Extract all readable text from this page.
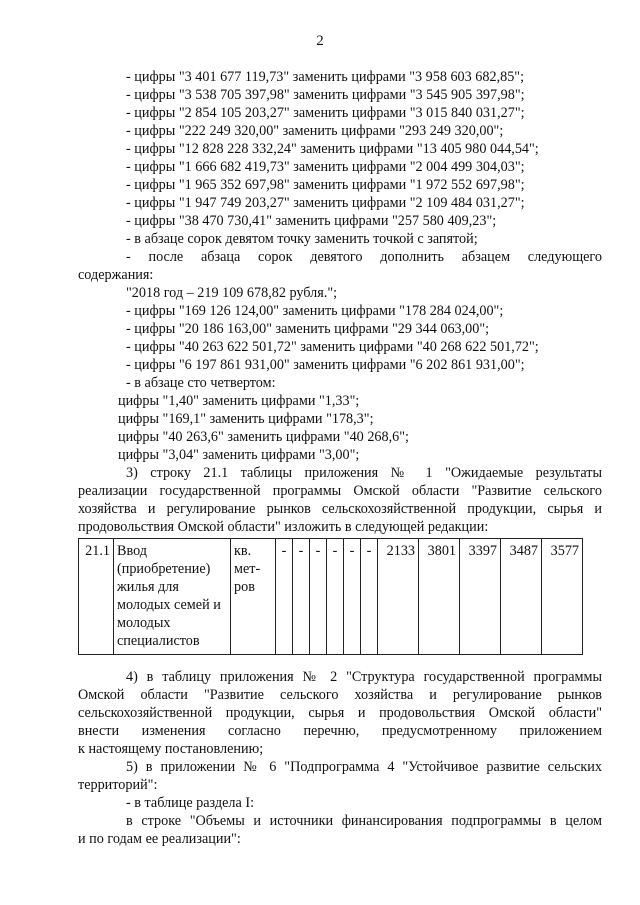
2
- цифры "3 401 677 119,73" заменить цифрами "3 958 603 682,85";
- цифры "3 538 705 397,98" заменить цифрами "3 545 905 397,98";
- цифры "2 854 105 203,27" заменить цифрами "3 015 840 031,27";
- цифры "222 249 320,00" заменить цифрами "293 249 320,00";
- цифры "12 828 228 332,24" заменить цифрами "13 405 980 044,54";
- цифры "1 666 682 419,73" заменить цифрами "2 004 499 304,03";
- цифры "1 965 352 697,98" заменить цифрами "1 972 552 697,98";
- цифры "1 947 749 203,27" заменить цифрами "2 109 484 031,27";
- цифры "38 470 730,41" заменить цифрами "257 580 409,23";
- в абзаце сорок девятом точку заменить точкой с запятой;
- после абзаца сорок девятого дополнить абзацем следующего
содержания:
"2018 год – 219 109 678,82 рубля.";
- цифры "169 126 124,00" заменить цифрами "178 284 024,00";
- цифры "20 186 163,00" заменить цифрами "29 344 063,00";
- цифры "40 263 622 501,72" заменить цифрами "40 268 622 501,72";
- цифры "6 197 861 931,00" заменить цифрами "6 202 861 931,00";
- в абзаце сто четвертом:
цифры "1,40" заменить цифрами "1,33";
цифры "169,1" заменить цифрами "178,3";
цифры "40 263,6" заменить цифрами "40 268,6";
цифры "3,04" заменить цифрами "3,00";
3) строку 21.1 таблицы приложения № 1 "Ожидаемые результаты
реализации государственной программы Омской области "Развитие сельского
хозяйства и регулирование рынков сельскохозяйственной продукции, сырья и
продовольствия Омской области" изложить в следующей редакции:
21.1	Ввод (приобретение) жилья для молодых семей и молодых специалистов	кв. мет-ров	-	-	-	-	-	-	2133	3801	3397	3487	3577
4) в таблицу приложения № 2 "Структура государственной программы
Омской области "Развитие сельского хозяйства и регулирование рынков
сельскохозяйственной продукции, сырья и продовольствия Омской области"
внести изменения согласно перечню, предусмотренному приложением
к настоящему постановлению;
5) в приложении № 6 "Подпрограмма 4 "Устойчивое развитие сельских
территорий":
- в таблице раздела I:
в строке "Объемы и источники финансирования подпрограммы в целом
и по годам ее реализации":
